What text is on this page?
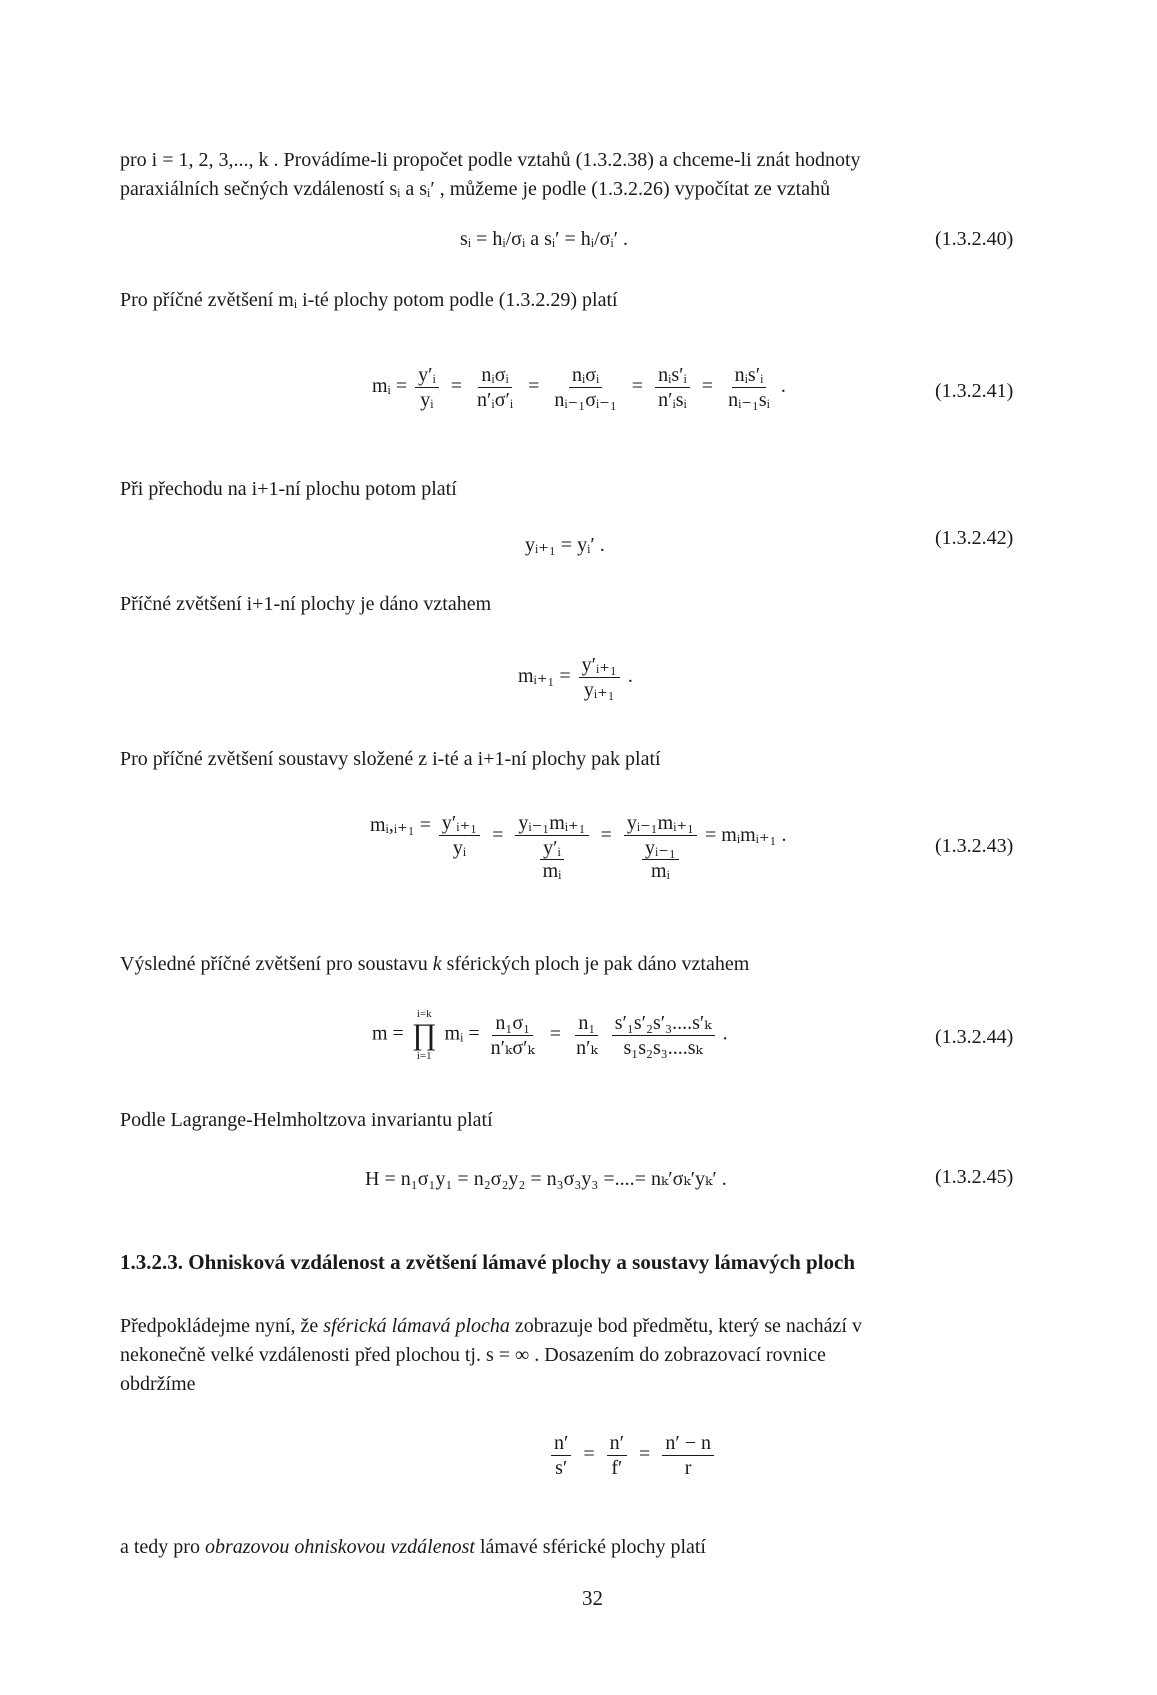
pro i = 1, 2, 3,..., k . Provádíme-li propočet podle vztahů (1.3.2.38) a chceme-li znát hodnoty
paraxiálních sečných vzdáleností sᵢ a sᵢ′ , můžeme je podle (1.3.2.26) vypočítat ze vztahů
sᵢ = hᵢ/σᵢ a sᵢ′ = hᵢ/σᵢ′ .	(1.3.2.40)
Pro příčné zvětšení mᵢ i-té plochy potom podle (1.3.2.29) platí
mᵢ = $\frac{\text{y′ᵢ}}{\text{yᵢ}} = \frac{\text{nᵢσᵢ}}{\text{n′ᵢσ′ᵢ}} = \frac{\text{nᵢσᵢ}}{\text{nᵢ₋₁σᵢ₋₁}} = \frac{\text{nᵢs′ᵢ}}{\text{n′ᵢsᵢ}} = \frac{\text{nᵢs′ᵢ}}{\text{nᵢ₋₁sᵢ}}$ .	(1.3.2.41)
Při přechodu na i+1-ní plochu potom platí
yᵢ₊₁ = yᵢ′ .	(1.3.2.42)
Příčné zvětšení i+1-ní plochy je dáno vztahem
mᵢ₊₁ = $\frac{\text{y′ᵢ₊₁}}{\text{yᵢ₊₁}}$ .
Pro příčné zvětšení soustavy složené z i-té a i+1-ní plochy pak platí
mᵢ,ᵢ₊₁ = $\frac{\text{y′ᵢ₊₁}}{\text{yᵢ}}$ =
yᵢ₋₁mᵢ₊₁
y′ᵢ
mᵢ
=
yᵢ₋₁mᵢ₊₁
yᵢ₋₁
mᵢ
= mᵢmᵢ₊₁ .	(1.3.2.43)
Výsledné příčné zvětšení pro soustavu k sférických ploch je pak dáno vztahem
m =
i=k
∏
i=1
mᵢ = $\frac{\text{n₁σ₁}}{\text{n′ₖσ′ₖ}} = \frac{\text{n₁}}{\text{n′ₖ}}$
$\frac{\text{s′₁s′₂s′₃....s′ₖ}}{\text{s₁s₂s₃....sₖ}}$ .	(1.3.2.44)
Podle Lagrange-Helmholtzova invariantu platí
H = n₁σ₁y₁ = n₂σ₂y₂ = n₃σ₃y₃ =....= nₖ′σₖ′yₖ′ .	(1.3.2.45)
1.3.2.3. Ohnisková vzdálenost a zvětšení lámavé plochy a soustavy lámavých ploch
Předpokládejme nyní, že sférická lámavá plocha zobrazuje bod předmětu, který se nachází v
nekonečně velké vzdálenosti před plochou tj. s = ∞ . Dosazením do zobrazovací rovnice
obdržíme
$\frac{n'}{s'} = \frac{n'}{f'} = \frac{n' - n}{r}$
a tedy pro obrazovou ohniskovou vzdálenost lámavé sférické plochy platí
32
